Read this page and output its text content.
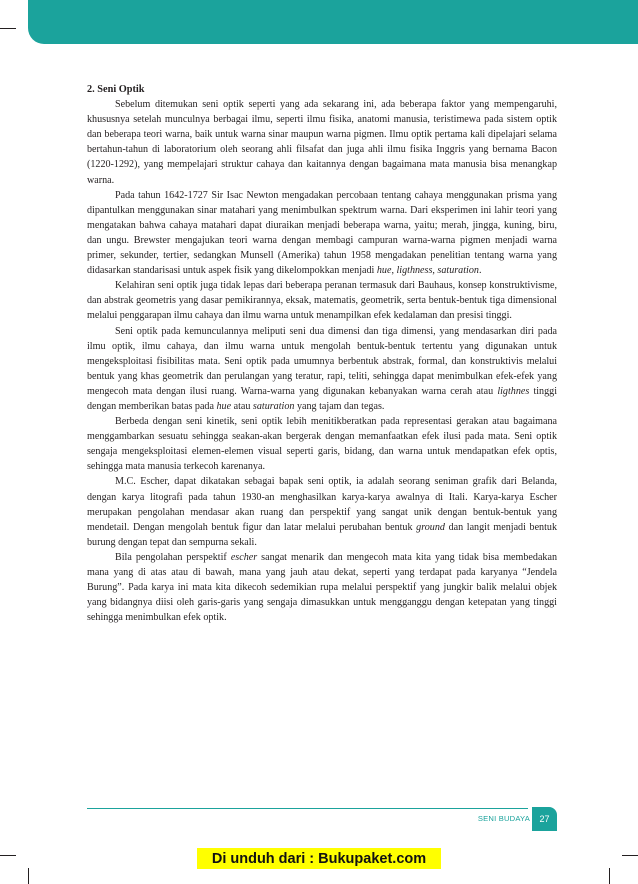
2. Seni Optik

Sebelum ditemukan seni optik seperti yang ada sekarang ini, ada beberapa faktor yang mempengaruhi, khususnya setelah munculnya berbagai ilmu, seperti ilmu fisika, anatomi manusia, teristimewa pada sistem optik dan beberapa teori warna, baik untuk warna sinar maupun warna pigmen. Ilmu optik pertama kali dipelajari selama bertahun-tahun di laboratorium oleh seorang ahli filsafat dan juga ahli ilmu fisika Inggris yang bernama Bacon (1220-1292), yang mempelajari struktur cahaya dan kaitannya dengan bagaimana mata manusia bisa menangkap warna.

Pada tahun 1642-1727 Sir Isac Newton mengadakan percobaan tentang cahaya menggunakan prisma yang dipantulkan menggunakan sinar matahari yang menimbulkan spektrum warna. Dari eksperimen ini lahir teori yang mengatakan bahwa cahaya matahari dapat diuraikan menjadi beberapa warna, yaitu; merah, jingga, kuning, biru, dan ungu. Brewster mengajukan teori warna dengan membagi campuran warna-warna pigmen menjadi warna primer, sekunder, tertier, sedangkan Munsell (Amerika) tahun 1958 mengadakan penelitian tentang warna yang didasarkan standarisasi untuk aspek fisik yang dikelompokkan menjadi hue, ligthness, saturation.

Kelahiran seni optik juga tidak lepas dari beberapa peranan termasuk dari Bauhaus, konsep konstruktivisme, dan abstrak geometris yang dasar pemikirannya, eksak, matematis, geometrik, serta bentuk-bentuk tiga dimensional melalui penggarapan ilmu cahaya dan ilmu warna untuk menampilkan efek kedalaman dan presisi tinggi.

Seni optik pada kemunculannya meliputi seni dua dimensi dan tiga dimensi, yang mendasarkan diri pada ilmu optik, ilmu cahaya, dan ilmu warna untuk mengolah bentuk-bentuk tertentu yang digunakan untuk mengeksploitasi fisibilitas mata. Seni optik pada umumnya berbentuk abstrak, formal, dan konstruktivis melalui bentuk yang khas geometrik dan perulangan yang teratur, rapi, teliti, sehingga dapat menimbulkan efek-efek yang mengecoh mata dengan ilusi ruang. Warna-warna yang digunakan kebanyakan warna cerah atau ligthnes tinggi dengan memberikan batas pada hue atau saturation yang tajam dan tegas.

Berbeda dengan seni kinetik, seni optik lebih menitikberatkan pada representasi gerakan atau bagaimana menggambarkan sesuatu sehingga seakan-akan bergerak dengan memanfaatkan efek ilusi pada mata. Seni optik sengaja mengeksploitasi elemen-elemen visual seperti garis, bidang, dan warna untuk mendapatkan efek optis, sehingga mata manusia terkecoh karenanya.

M.C. Escher, dapat dikatakan sebagai bapak seni optik, ia adalah seorang seniman grafik dari Belanda, dengan karya litografi pada tahun 1930-an menghasilkan karya-karya awalnya di Itali. Karya-karya Escher merupakan pengolahan mendasar akan ruang dan perspektif yang sangat unik dengan bentuk-bentuk yang mendetail. Dengan mengolah bentuk figur dan latar melalui perubahan bentuk ground dan langit menjadi bentuk burung dengan tepat dan sempurna sekali.

Bila pengolahan perspektif escher sangat menarik dan mengecoh mata kita yang tidak bisa membedakan mana yang di atas atau di bawah, mana yang jauh atau dekat, seperti yang terdapat pada karyanya “Jendela Burung”. Pada karya ini mata kita dikecoh sedemikian rupa melalui perspektif yang jungkir balik melalui objek yang bidangnya diisi oleh garis-garis yang sengaja dimasukkan untuk mengganggu dengan ketepatan yang tinggi sehingga menimbulkan efek optik.

SENI BUDAYA	27
Di unduh dari : Bukupaket.com
